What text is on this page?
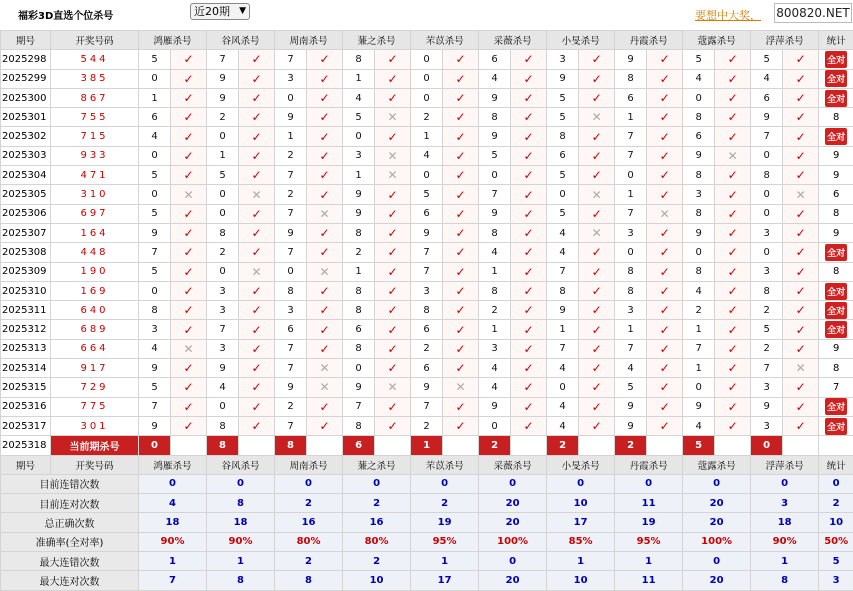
福彩3D直选个位杀号	近20期 ▼	要想中大奖， 800820.NET
期号	开奖号码	鸿雁杀号		谷风杀号		周南杀号		蒹之杀号		芣苡杀号		采薇杀号		小旻杀号		丹霞杀号		蔻露杀号		浮萍杀号		统计
2025298	544	5	✓	7	✓	7	✓	8	✓	0	✓	6	✓	3	✓	9	✓	5	✓	5	✓	全对
2025299	385	0	✓	9	✓	3	✓	1	✓	0	✓	4	✓	9	✓	8	✓	4	✓	4	✓	全对
2025300	867	1	✓	9	✓	0	✓	4	✓	0	✓	9	✓	5	✓	6	✓	0	✓	6	✓	全对
2025301	755	6	✓	2	✓	9	✓	5	✕	2	✓	8	✓	5	✕	1	✓	8	✓	9	✓	8
2025302	715	4	✓	0	✓	1	✓	0	✓	1	✓	9	✓	8	✓	7	✓	6	✓	7	✓	全对
2025303	933	0	✓	1	✓	2	✓	3	✕	4	✓	5	✓	6	✓	7	✓	9	✕	0	✓	9
2025304	471	5	✓	5	✓	7	✓	1	✕	0	✓	0	✓	5	✓	0	✓	8	✓	8	✓	9
2025305	310	0	✕	0	✕	2	✓	9	✓	5	✓	7	✓	0	✕	1	✓	3	✓	0	✕	6
2025306	697	5	✓	0	✓	7	✕	9	✓	6	✓	9	✓	5	✓	7	✕	8	✓	0	✓	8
2025307	164	9	✓	8	✓	9	✓	8	✓	9	✓	8	✓	4	✕	3	✓	9	✓	3	✓	9
2025308	448	7	✓	2	✓	7	✓	2	✓	7	✓	4	✓	4	✓	0	✓	0	✓	0	✓	全对
2025309	190	5	✓	0	✕	0	✕	1	✓	7	✓	1	✓	7	✓	8	✓	8	✓	3	✓	8
2025310	169	0	✓	3	✓	8	✓	8	✓	3	✓	8	✓	8	✓	8	✓	4	✓	8	✓	全对
2025311	640	8	✓	3	✓	3	✓	8	✓	8	✓	2	✓	9	✓	3	✓	2	✓	2	✓	全对
2025312	689	3	✓	7	✓	6	✓	6	✓	6	✓	1	✓	1	✓	1	✓	1	✓	5	✓	全对
2025313	664	4	✕	3	✓	7	✓	8	✓	2	✓	3	✓	7	✓	7	✓	7	✓	2	✓	9
2025314	917	9	✓	9	✓	7	✕	0	✓	6	✓	4	✓	4	✓	4	✓	1	✓	7	✕	8
2025315	729	5	✓	4	✓	9	✕	9	✕	9	✕	4	✓	0	✓	5	✓	0	✓	3	✓	7
2025316	775	7	✓	0	✓	2	✓	7	✓	7	✓	9	✓	4	✓	9	✓	9	✓	9	✓	全对
2025317	301	9	✓	8	✓	7	✓	8	✓	2	✓	0	✓	4	✓	9	✓	4	✓	3	✓	全对
2025318	当前期杀号	0		8		8		6		1		2		2		2		5		0		
期号	开奖号码	鸿雁杀号		谷风杀号		周南杀号		蒹之杀号		芣苡杀号		采薇杀号		小旻杀号		丹霞杀号		蔻露杀号		浮萍杀号		统计
目前连错次数		0		0		0		0		0		0		0		0		0		0		0
目前连对次数		4		8		2		2		2		20		10		11		20		3		2
总正确次数		18		18		16		16		19		20		17		19		20		18		10
准确率(全对率)		90%		90%		80%		80%		95%		100%		85%		95%		100%		90%		50%
最大连错次数		1		1		2		2		1		0		1		1		0		1		5
最大连对次数		7		8		8		10		17		20		10		11		20		8		3
